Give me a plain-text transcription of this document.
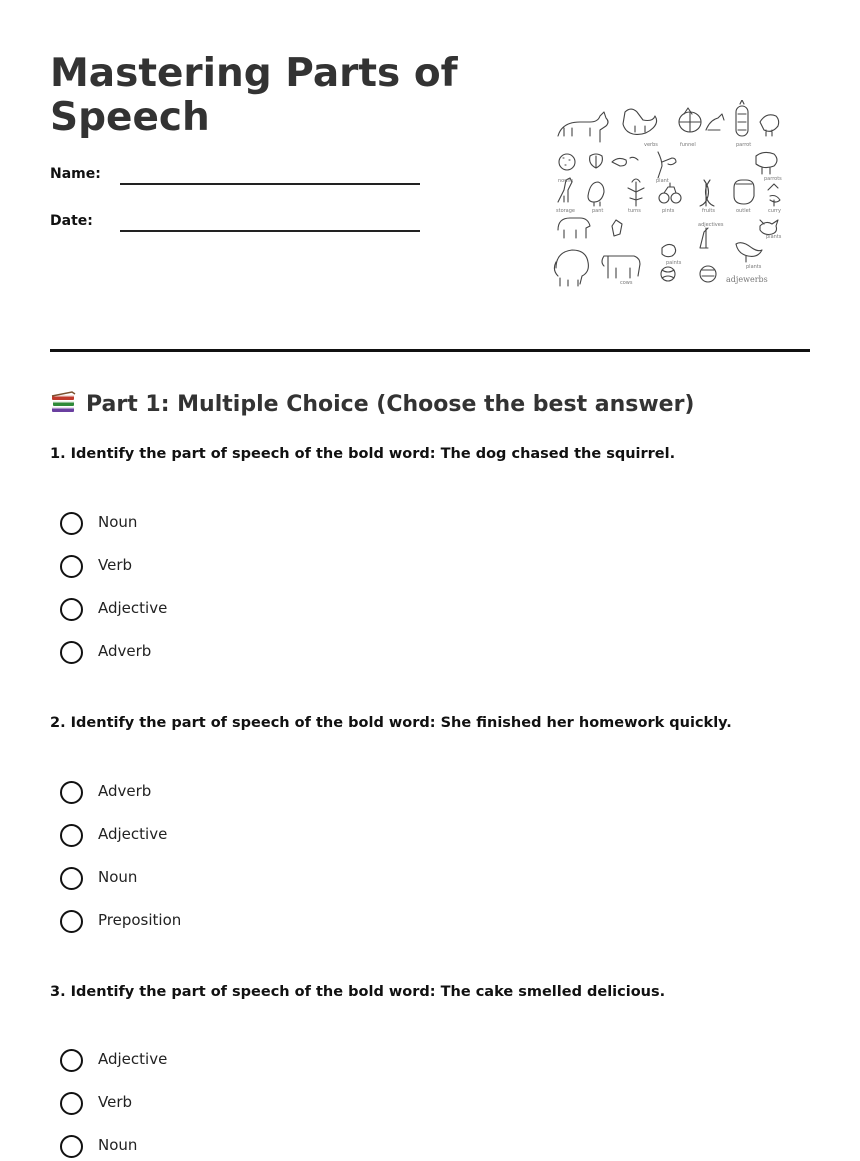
Mastering Parts of Speech
Name:
Date:
verbs	funnel	parrot
nouns	plant	parrots
storage	pant	turns	pints	fruits	outlet	curry
adjectives
plants
cows
paints
plants
adjewerbs
Part 1: Multiple Choice (Choose the best answer)
1. Identify the part of speech of the bold word: The dog chased the squirrel.
Noun
Verb
Adjective
Adverb
2. Identify the part of speech of the bold word: She finished her homework quickly.
Adverb
Adjective
Noun
Preposition
3. Identify the part of speech of the bold word: The cake smelled delicious.
Adjective
Verb
Noun
